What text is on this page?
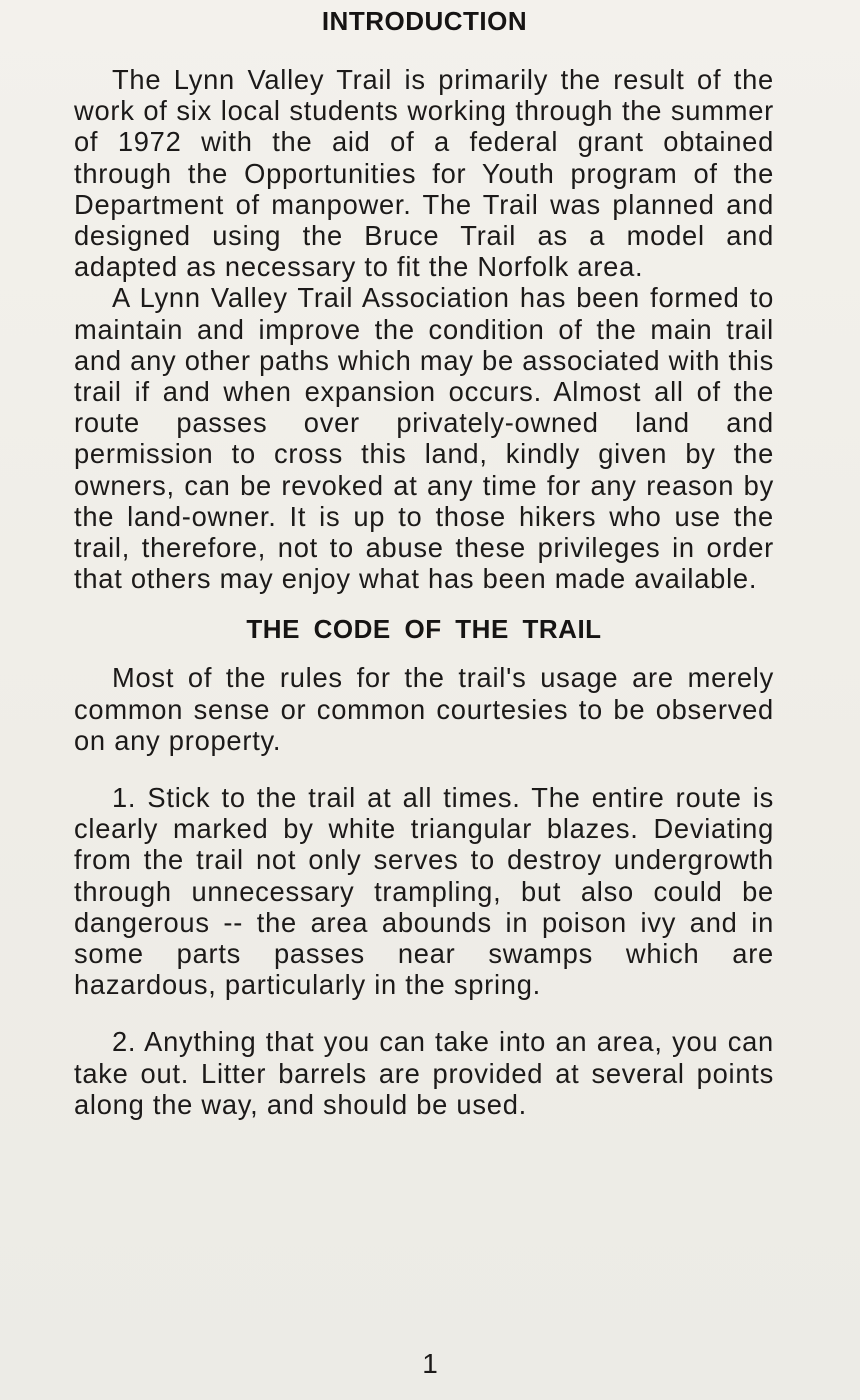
INTRODUCTION

The Lynn Valley Trail is primarily the result of the work of six local students working through the summer of 1972 with the aid of a federal grant obtained through the Opportunities for Youth program of the Department of manpower. The Trail was planned and designed using the Bruce Trail as a model and adapted as necessary to fit the Norfolk area.

A Lynn Valley Trail Association has been formed to maintain and improve the condition of the main trail and any other paths which may be associated with this trail if and when expansion occurs. Almost all of the route passes over privately-owned land and permission to cross this land, kindly given by the owners, can be revoked at any time for any reason by the land-owner. It is up to those hikers who use the trail, therefore, not to abuse these privileges in order that others may enjoy what has been made available.

THE CODE OF THE TRAIL

Most of the rules for the trail's usage are merely common sense or common courtesies to be observed on any property.

1. Stick to the trail at all times. The entire route is clearly marked by white triangular blazes. Deviating from the trail not only serves to destroy undergrowth through unnecessary trampling, but also could be dangerous -- the area abounds in poison ivy and in some parts passes near swamps which are hazardous, particularly in the spring.

2. Anything that you can take into an area, you can take out. Litter barrels are provided at several points along the way, and should be used.

1
